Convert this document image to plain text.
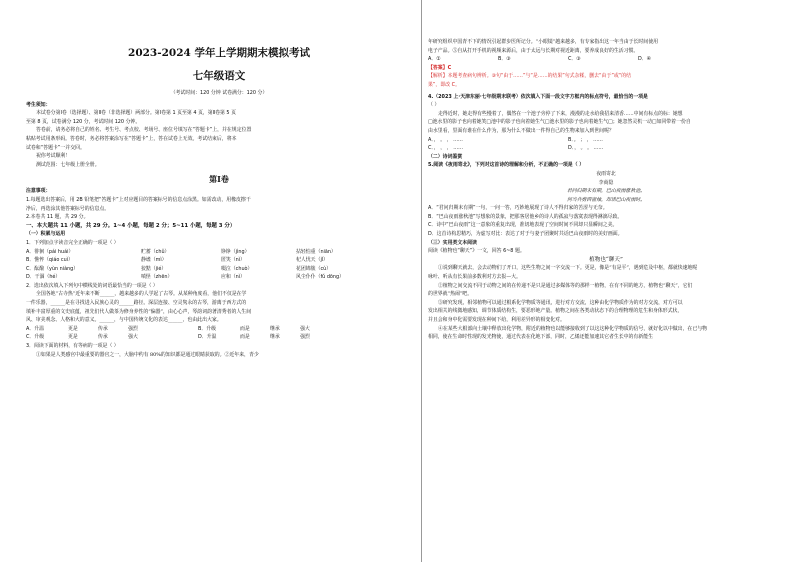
2023-2024 学年上学期期末模拟考试
七年级语文
（考试时间：120 分钟 试卷满分：120 分）
考生须知：
本试卷分第Ⅰ卷（选择题）、第Ⅱ卷（非选择题）两部分。第Ⅰ卷第 1 页至第 4 页，第Ⅱ卷第 5 页
至第 8 页，试卷满分 120 分，考试时间 120 分钟。
答卷前，请务必将自己的姓名、考生号、考点校、考场号、座位号填写在“答题卡”上，并在规定位置
粘贴考试用条形码。答卷时，务必将答案涂写在“答题卡”上，答在试卷上无效。考试结束后，将本
试卷和“答题卡”一并交回。
祝你考试顺利！
测试范围：七年级上册全册。
第Ⅰ卷
注意事项：
1.每题选出答案后，用 2B 铅笔把“答题卡”上对应题目的答案标号的信息点涂黑。如需改动，用橡皮擦干
净后，再选涂其他答案标号的信息点。
2.本卷共 11 题，共 29 分。
一、本大题共 11 小题，共 29 分。1~4 小题，每题 2 分；5~11 小题，每题 3 分）
（一）积累与运用
1．下列加点字读音完全正确的一项是（ ）
A．徘徊（pái huái）	贮蓄（chǔ）	铮铮（jìng）	拈轻怕重（niān）
B．憔悴（qiáo cuì）	静谧（mì）	匿笑（nì）	杞人忧天（jǐ）
C．酝酿（yùn niàng）	狡黠（jié）	啜泣（chuò）	花团锦簇（cù）
D．干涸（hé）	嗔怪（zhēn）	应和（nì）	风尘仆仆（fǔ dōng）
2．选出依次填入下列句中横线处的词语最恰当的一项是（ ）
全国各地“古寺热”近年来不断______，越来越多的人学起了古琴。从某种角度看，他们不仅是在学
一件乐器，______是在寻找进入民族心灵的______路径。深层连接、空灵隽永的古琴，游离于西方式的
填补丰富厚重的文史底蕴，祖先们代人做茶为修身养性的“偏器”，由心心声，琴韵词韵著清秀者的人生间
风、审美观念、人格和大的意义。______，与中国传统文化的表达______，也由此出大家。
A．升温	更是	传承	强烈	B．升级	而是	继承	强大
C．升级	更是	传承	强大	D．升温	而是	继承	强烈
3．阅读下面的材料，有等病的一项是（ ）
①如果是人类感官中最重要的器官之一，大脑中约有 80%的知识都是通过眼睛获取的。②近年来，青少
年研究组织中国青不下的情况引起群步医所记分。“小眼镜”越来越多，有专家指出这一年当由于长时间使用
电子产品。⑤自从打开手机的视频来源后，由于太远与长期对视近距离，要养成良好的生活习惯。
A．①	B．③	C．③	D．④
【答案】C
【解析】本题考查病句辨析。③句“由于……”与“是……的结果”句式杂糅，删去“由于”或“的结
果”，即改 C。
4.（2023 上·天津东丽·七年级期末联考）依次填入下面一段文字方框内的标点符号，最恰当的一项是
（ ）
走得近时，她走得有些慢着了，偶然在一个池子旁停了下来，漫漫的走水给我招来清香……中间有标点的标：她想
□池水里的影子也向着她笑□池中的影子也向着她生气□池水里的影子也向着她生气□；她忽然灵机一动□如同带着一份自
由水里看，里面有谁在什么作为，那为什么不做出一件得自己的生物来加入到世间呢？
A．， 。 ， ……	B．。 ； ， ……
C．， ， ， ……	D．， 。 。 ……
（二）诗词鉴赏
5.阅读《夜雨寄北》，下列对这首诗的理解和分析，不正确的一项是（ ）
夜雨寄北
李商隐
君问归期未有期，巴山夜雨涨秋池。
何当共剪西窗烛，却话巴山夜雨时。
A．“君问归期未有期”一句，一问一答，巧妙地展现了诗人不得归家的苦涩与无奈。
B．“巴山夜雨涨秋池”写想象的景象，把那客居他乡的诗人的孤寂与落寞表现得淋漓尽致。
C．诗中“巴山夜雨”这一意象的重复出现，准切地表现了空间时间不同却只显瞬间之美。
D．这首诗构思精巧，为虚写对比：表达了对于与妻子团聚时共话巴山夜雨时的美好画面。
（三）实用类文本阅读
阅读《植物也“聊天”》一文，回答 6~8 题。
植物也“聊天”
①说到聊天就去，会去动物们了开口，这些生物之间一字交流一下。更是，像是“有是平”，遇到危及中枢，都就快速地呢
咏叶、听从有长果前多数利对方去报—大。
②植物之间交流不同于动物之间的在传递不是只是通过多媒体等的那样一植物，在有不同的地方，植物也“聊天”，它们
的世界就“热闹”吧。
③研究发现，相邻植物可以通过根系化学物质等通讯，进行对方交流，这种由化学物质作为的对方交流，对方可以
发出相关的线微地感知，调节体质结构生，要恶形地产量。植物之间在各类动状态下的合理物理的危生和身体形式状，
并且会和身中化需要发现在种间下给，利用差异形的相变化对。
④在某些大根部向土壤中释放出化学物，附近的植物也以能够接收到了以这这种化学物质的信号，就好化以中做出，在已与物
相同，使在生命时性现的发光物使，通过代表在化地下部，同时，乙烯还能加速其它者生长中的有新能生
